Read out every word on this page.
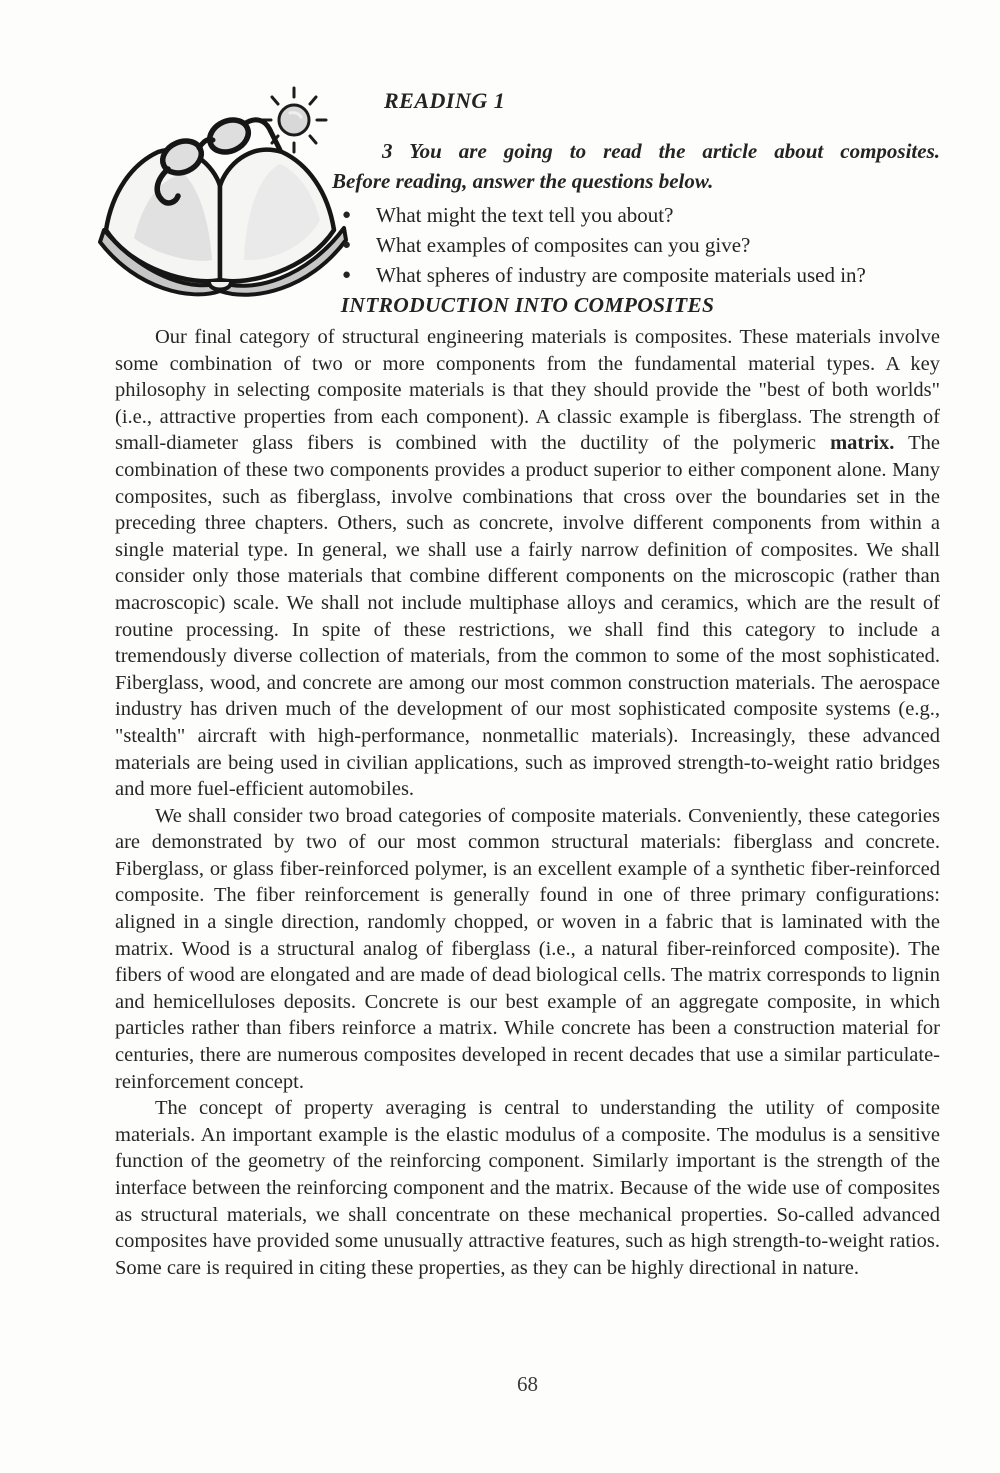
READING 1

3 You are going to read the article about composites.

Before reading, answer the questions below.

●	What might the text tell you about?
●	What examples of composites can you give?
●	What spheres of industry are composite materials used in?
INTRODUCTION INTO COMPOSITES

Our final category of structural engineering materials is composites. These materials involve some combination of two or more components from the fundamental material types. A key philosophy in selecting composite materials is that they should provide the "best of both worlds" (i.e., attractive properties from each component). A classic example is fiberglass. The strength of small-diameter glass fibers is combined with the ductility of the polymeric matrix. The combination of these two components provides a product superior to either component alone. Many composites, such as fiberglass, involve combinations that cross over the boundaries set in the preceding three chapters. Others, such as concrete, involve different components from within a single material type. In general, we shall use a fairly narrow definition of composites. We shall consider only those materials that combine different components on the microscopic (rather than macroscopic) scale. We shall not include multiphase alloys and ceramics, which are the result of routine processing. In spite of these restrictions, we shall find this category to include a tremendously diverse collection of materials, from the common to some of the most sophisticated. Fiberglass, wood, and concrete are among our most common construction materials. The aerospace industry has driven much of the development of our most sophisticated composite systems (e.g., "stealth" aircraft with high-performance, nonmetallic materials). Increasingly, these advanced materials are being used in civilian applications, such as improved strength-to-weight ratio bridges and more fuel-efficient automobiles.

We shall consider two broad categories of composite materials. Conveniently, these categories are demonstrated by two of our most common structural materials: fiberglass and concrete. Fiberglass, or glass fiber-reinforced polymer, is an excellent example of a synthetic fiber-reinforced composite. The fiber reinforcement is generally found in one of three primary configurations: aligned in a single direction, randomly chopped, or woven in a fabric that is laminated with the matrix. Wood is a structural analog of fiberglass (i.e., a natural fiber-reinforced composite). The fibers of wood are elongated and are made of dead biological cells. The matrix corresponds to lignin and hemicelluloses deposits. Concrete is our best example of an aggregate composite, in which particles rather than fibers reinforce a matrix. While concrete has been a construction material for centuries, there are numerous composites developed in recent decades that use a similar particulate-reinforcement concept.

The concept of property averaging is central to understanding the utility of composite materials. An important example is the elastic modulus of a composite. The modulus is a sensitive function of the geometry of the reinforcing component. Similarly important is the strength of the interface between the reinforcing component and the matrix. Because of the wide use of composites as structural materials, we shall concentrate on these mechanical properties. So-called advanced composites have provided some unusually attractive features, such as high strength-to-weight ratios. Some care is required in citing these properties, as they can be highly directional in nature.

68
